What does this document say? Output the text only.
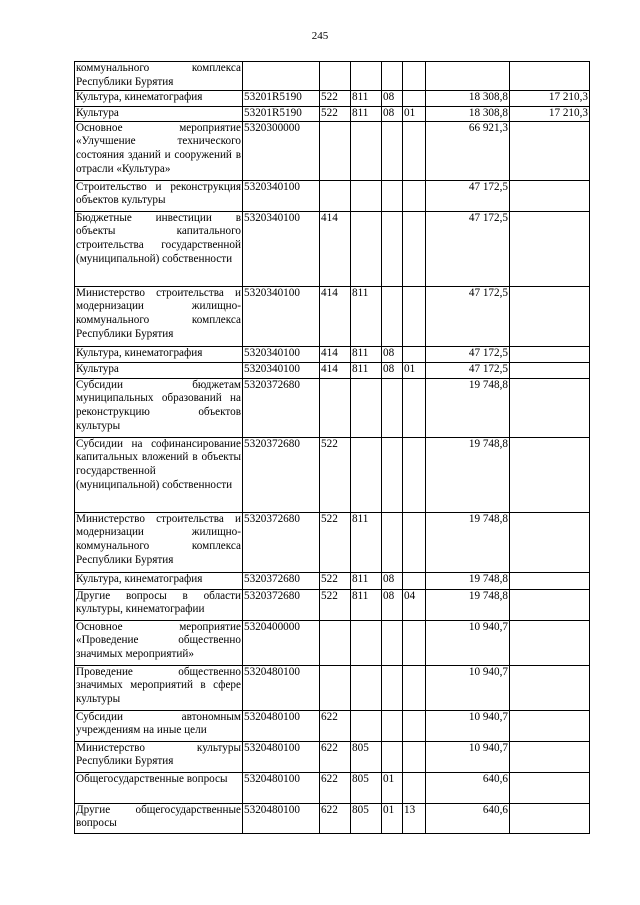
245
коммунального комплекса Республики Бурятия							
Культура, кинематография	53201R5190	522	811	08		18 308,8	17 210,3
Культура	53201R5190	522	811	08	01	18 308,8	17 210,3
Основное мероприятие «Улучшение технического состояния зданий и сооружений в отрасли «Культура»	5320300000					66 921,3	
Строительство и реконструкция объектов культуры	5320340100					47 172,5	
Бюджетные инвестиции в объекты капитального строительства государственной (муниципальной) собственности	5320340100	414				47 172,5	
Министерство строительства и модернизации жилищно-коммунального комплекса Республики Бурятия	5320340100	414	811			47 172,5	
Культура, кинематография	5320340100	414	811	08		47 172,5	
Культура	5320340100	414	811	08	01	47 172,5	
Субсидии бюджетам муниципальных образований на реконструкцию объектов культуры	5320372680					19 748,8	
Субсидии на софинансирование капитальных вложений в объекты государственной (муниципальной) собственности	5320372680	522				19 748,8	
Министерство строительства и модернизации жилищно-коммунального комплекса Республики Бурятия	5320372680	522	811			19 748,8	
Культура, кинематография	5320372680	522	811	08		19 748,8	
Другие вопросы в области культуры, кинематографии	5320372680	522	811	08	04	19 748,8	
Основное мероприятие «Проведение общественно значимых мероприятий»	5320400000					10 940,7	
Проведение общественно значимых мероприятий в сфере культуры	5320480100					10 940,7	
Субсидии автономным учреждениям на иные цели	5320480100	622				10 940,7	
Министерство культуры Республики Бурятия	5320480100	622	805			10 940,7	
Общегосударственные вопросы	5320480100	622	805	01		640,6	
Другие общегосударственные вопросы	5320480100	622	805	01	13	640,6	
